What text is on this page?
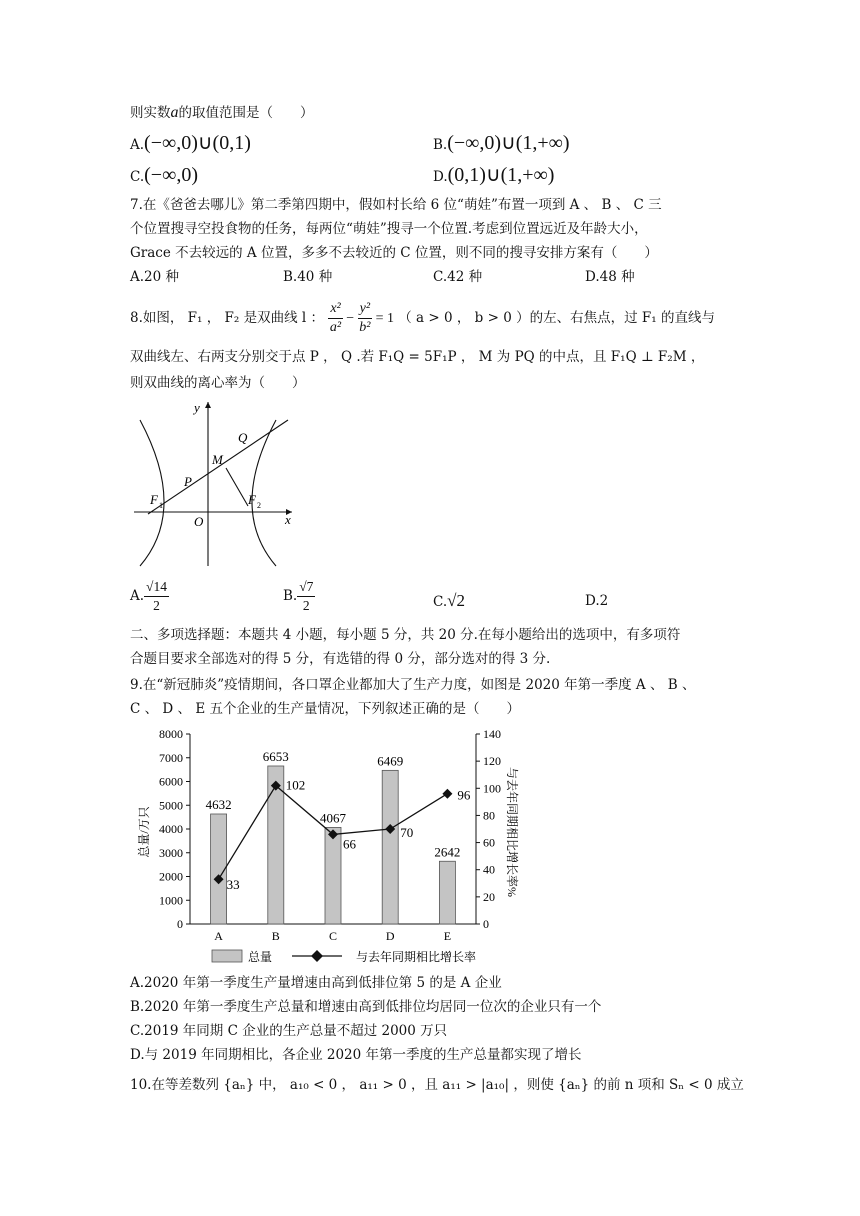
则实数a的取值范围是（　　）
A.(−∞,0)∪(0,1)	B.(−∞,0)∪(1,+∞)
C.(−∞,0)	D.(0,1)∪(1,+∞)
7.在《爸爸去哪儿》第二季第四期中，假如村长给 6 位“萌娃”布置一项到 A 、 B 、 C 三
个位置搜寻空投食物的任务，每两位“萌娃”搜寻一个位置.考虑到位置远近及年龄大小，
Grace 不去较远的 A 位置，多多不去较近的 C 位置，则不同的搜寻安排方案有（　　）
A.20 种	B.40 种	C.42 种	D.48 种
8.如图， F₁ ， F₂ 是双曲线 l ： $\frac{\text{x²}}{\text{a²}} - \frac{\text{y²}}{\text{b²}} = 1$ （ a > 0 ， b > 0 ）的左、右焦点，过 F₁ 的直线与
双曲线左、右两支分别交于点 P ， Q .若 F₁Q = 5F₁P ， M 为 PQ 的中点，且 F₁Q ⊥ F₂M ，
则双曲线的离心率为（　　）
y
x
O
P
Q
M
F 1	F 2
A. $\frac{√14}{2}$	B. $\frac{√7}{2}$	C.√2	D.2
二、多项选择题：本题共 4 小题，每小题 5 分，共 20 分.在每小题给出的选项中，有多项符
合题目要求全部选对的得 5 分，有选错的得 0 分，部分选对的得 3 分.
9.在“新冠肺炎”疫情期间，各口罩企业都加大了生产力度，如图是 2020 年第一季度 A 、 B 、
C 、 D 、 E 五个企业的生产量情况，下列叙述正确的是（　　）
0
1000
2000
3000
4000
5000
6000
7000
8000
0
20
40
60
80
100
120
140
4632
A
6653
B
4067
C
6469
D
2642
E
33
102
66
70
96
总量/万只	与去年同期相比增长率%
总量	与去年同期相比增长率
A.2020 年第一季度生产量增速由高到低排位第 5 的是 A 企业
B.2020 年第一季度生产总量和增速由高到低排位均居同一位次的企业只有一个
C.2019 年同期 C 企业的生产总量不超过 2000 万只
D.与 2019 年同期相比，各企业 2020 年第一季度的生产总量都实现了增长
10.在等差数列 {aₙ} 中， a₁₀ < 0 ， a₁₁ > 0 ，且 a₁₁ > |a₁₀| ，则使 {aₙ} 的前 n 项和 Sₙ < 0 成立
